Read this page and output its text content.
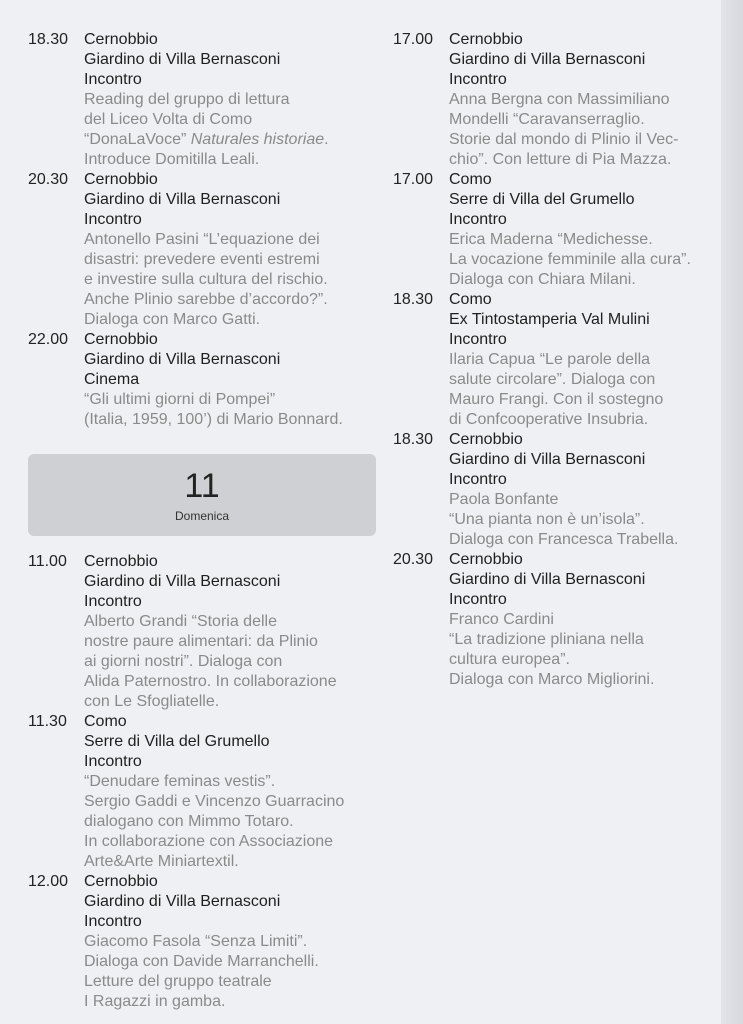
18.30 Cernobbio
Giardino di Villa Bernasconi
Incontro
Reading del gruppo di lettura
del Liceo Volta di Como
“DonaLaVoce” Naturales historiae.
Introduce Domitilla Leali.
20.30 Cernobbio
Giardino di Villa Bernasconi
Incontro
Antonello Pasini “L’equazione dei
disastri: prevedere eventi estremi
e investire sulla cultura del rischio.
Anche Plinio sarebbe d’accordo?”.
Dialoga con Marco Gatti.
22.00 Cernobbio
Giardino di Villa Bernasconi
Cinema
“Gli ultimi giorni di Pompei”
(Italia, 1959, 100’) di Mario Bonnard.
11
Domenica
11.00	Cernobbio
Giardino di Villa Bernasconi
Incontro
Alberto Grandi “Storia delle
nostre paure alimentari: da Plinio
ai giorni nostri”. Dialoga con
Alida Paternostro. In collaborazione
con Le Sfogliatelle.
11.30	Como
Serre di Villa del Grumello
Incontro
“Denudare feminas vestis”.
Sergio Gaddi e Vincenzo Guarracino
dialogano con Mimmo Totaro.
In collaborazione con Associazione
Arte&Arte Miniartextil.
12.00 Cernobbio
Giardino di Villa Bernasconi
Incontro
Giacomo Fasola “Senza Limiti”.
Dialoga con Davide Marranchelli.
Letture del gruppo teatrale
I Ragazzi in gamba.
17.00 Cernobbio
Giardino di Villa Bernasconi
Incontro
Anna Bergna con Massimiliano
Mondelli “Caravanserraglio.
Storie dal mondo di Plinio il Vec-
chio”. Con letture di Pia Mazza.
17.00 Como
Serre di Villa del Grumello
Incontro
Erica Maderna “Medichesse.
La vocazione femminile alla cura”.
Dialoga con Chiara Milani.
18.30 Como
Ex Tintostamperia Val Mulini
Incontro
Ilaria Capua “Le parole della
salute circolare”. Dialoga con
Mauro Frangi. Con il sostegno
di Confcooperative Insubria.
18.30 Cernobbio
Giardino di Villa Bernasconi
Incontro
Paola Bonfante
“Una pianta non è un’isola”.
Dialoga con Francesca Trabella.
20.30 Cernobbio
Giardino di Villa Bernasconi
Incontro
Franco Cardini
“La tradizione pliniana nella
cultura europea”.
Dialoga con Marco Migliorini.
